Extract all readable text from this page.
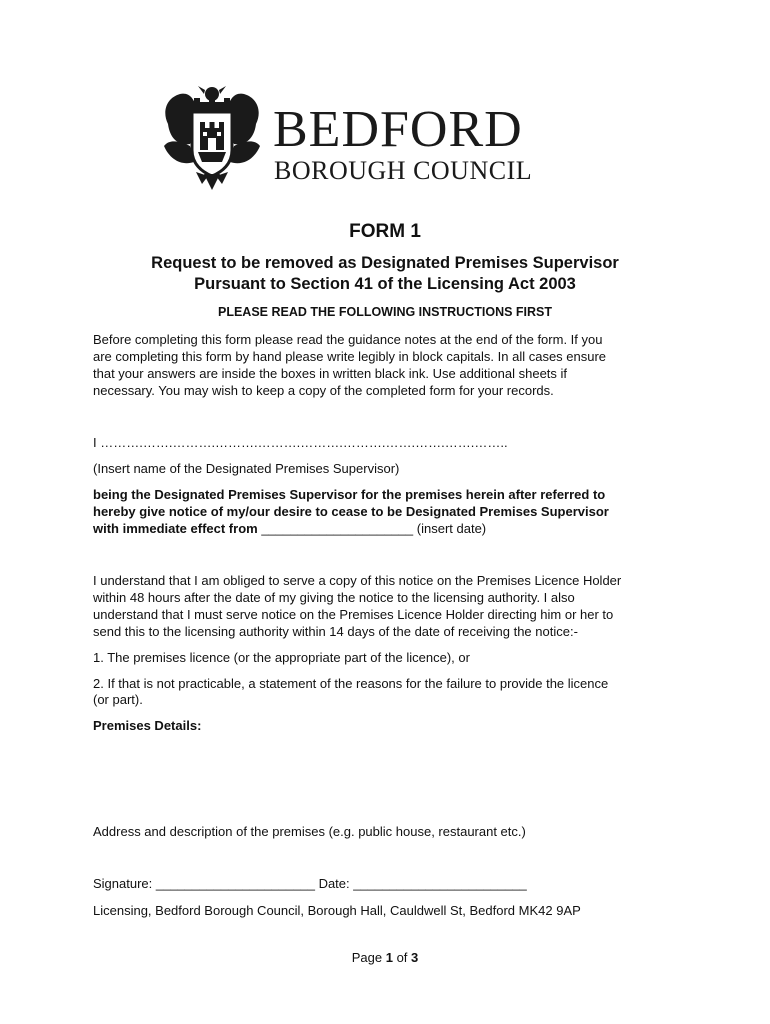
BEDFORD
BOROUGH COUNCIL
FORM 1
Request to be removed as Designated Premises Supervisor
Pursuant to Section 41 of the Licensing Act 2003
PLEASE READ THE FOLLOWING INSTRUCTIONS FIRST
Before completing this form please read the guidance notes at the end of the form. If you
are completing this form by hand please write legibly in block capitals. In all cases ensure
that your answers are inside the boxes in written black ink. Use additional sheets if
necessary. You may wish to keep a copy of the completed form for your records.
I ……….…….……….……….……….……….……….…….…….…….……..
(Insert name of the Designated Premises Supervisor)
being the Designated Premises Supervisor for the premises herein after referred to
hereby give notice of my/our desire to cease to be Designated Premises Supervisor
with immediate effect from _____________________ (insert date)
I understand that I am obliged to serve a copy of this notice on the Premises Licence Holder
within 48 hours after the date of my giving the notice to the licensing authority. I also
understand that I must serve notice on the Premises Licence Holder directing him or her to
send this to the licensing authority within 14 days of the date of receiving the notice:-
1. The premises licence (or the appropriate part of the licence), or
2. If that is not practicable, a statement of the reasons for the failure to provide the licence
(or part).
Premises Details:
Address and description of the premises (e.g. public house, restaurant etc.)
Signature: ______________________ Date: ________________________
Licensing, Bedford Borough Council, Borough Hall, Cauldwell St, Bedford MK42 9AP
Page 1 of 3
